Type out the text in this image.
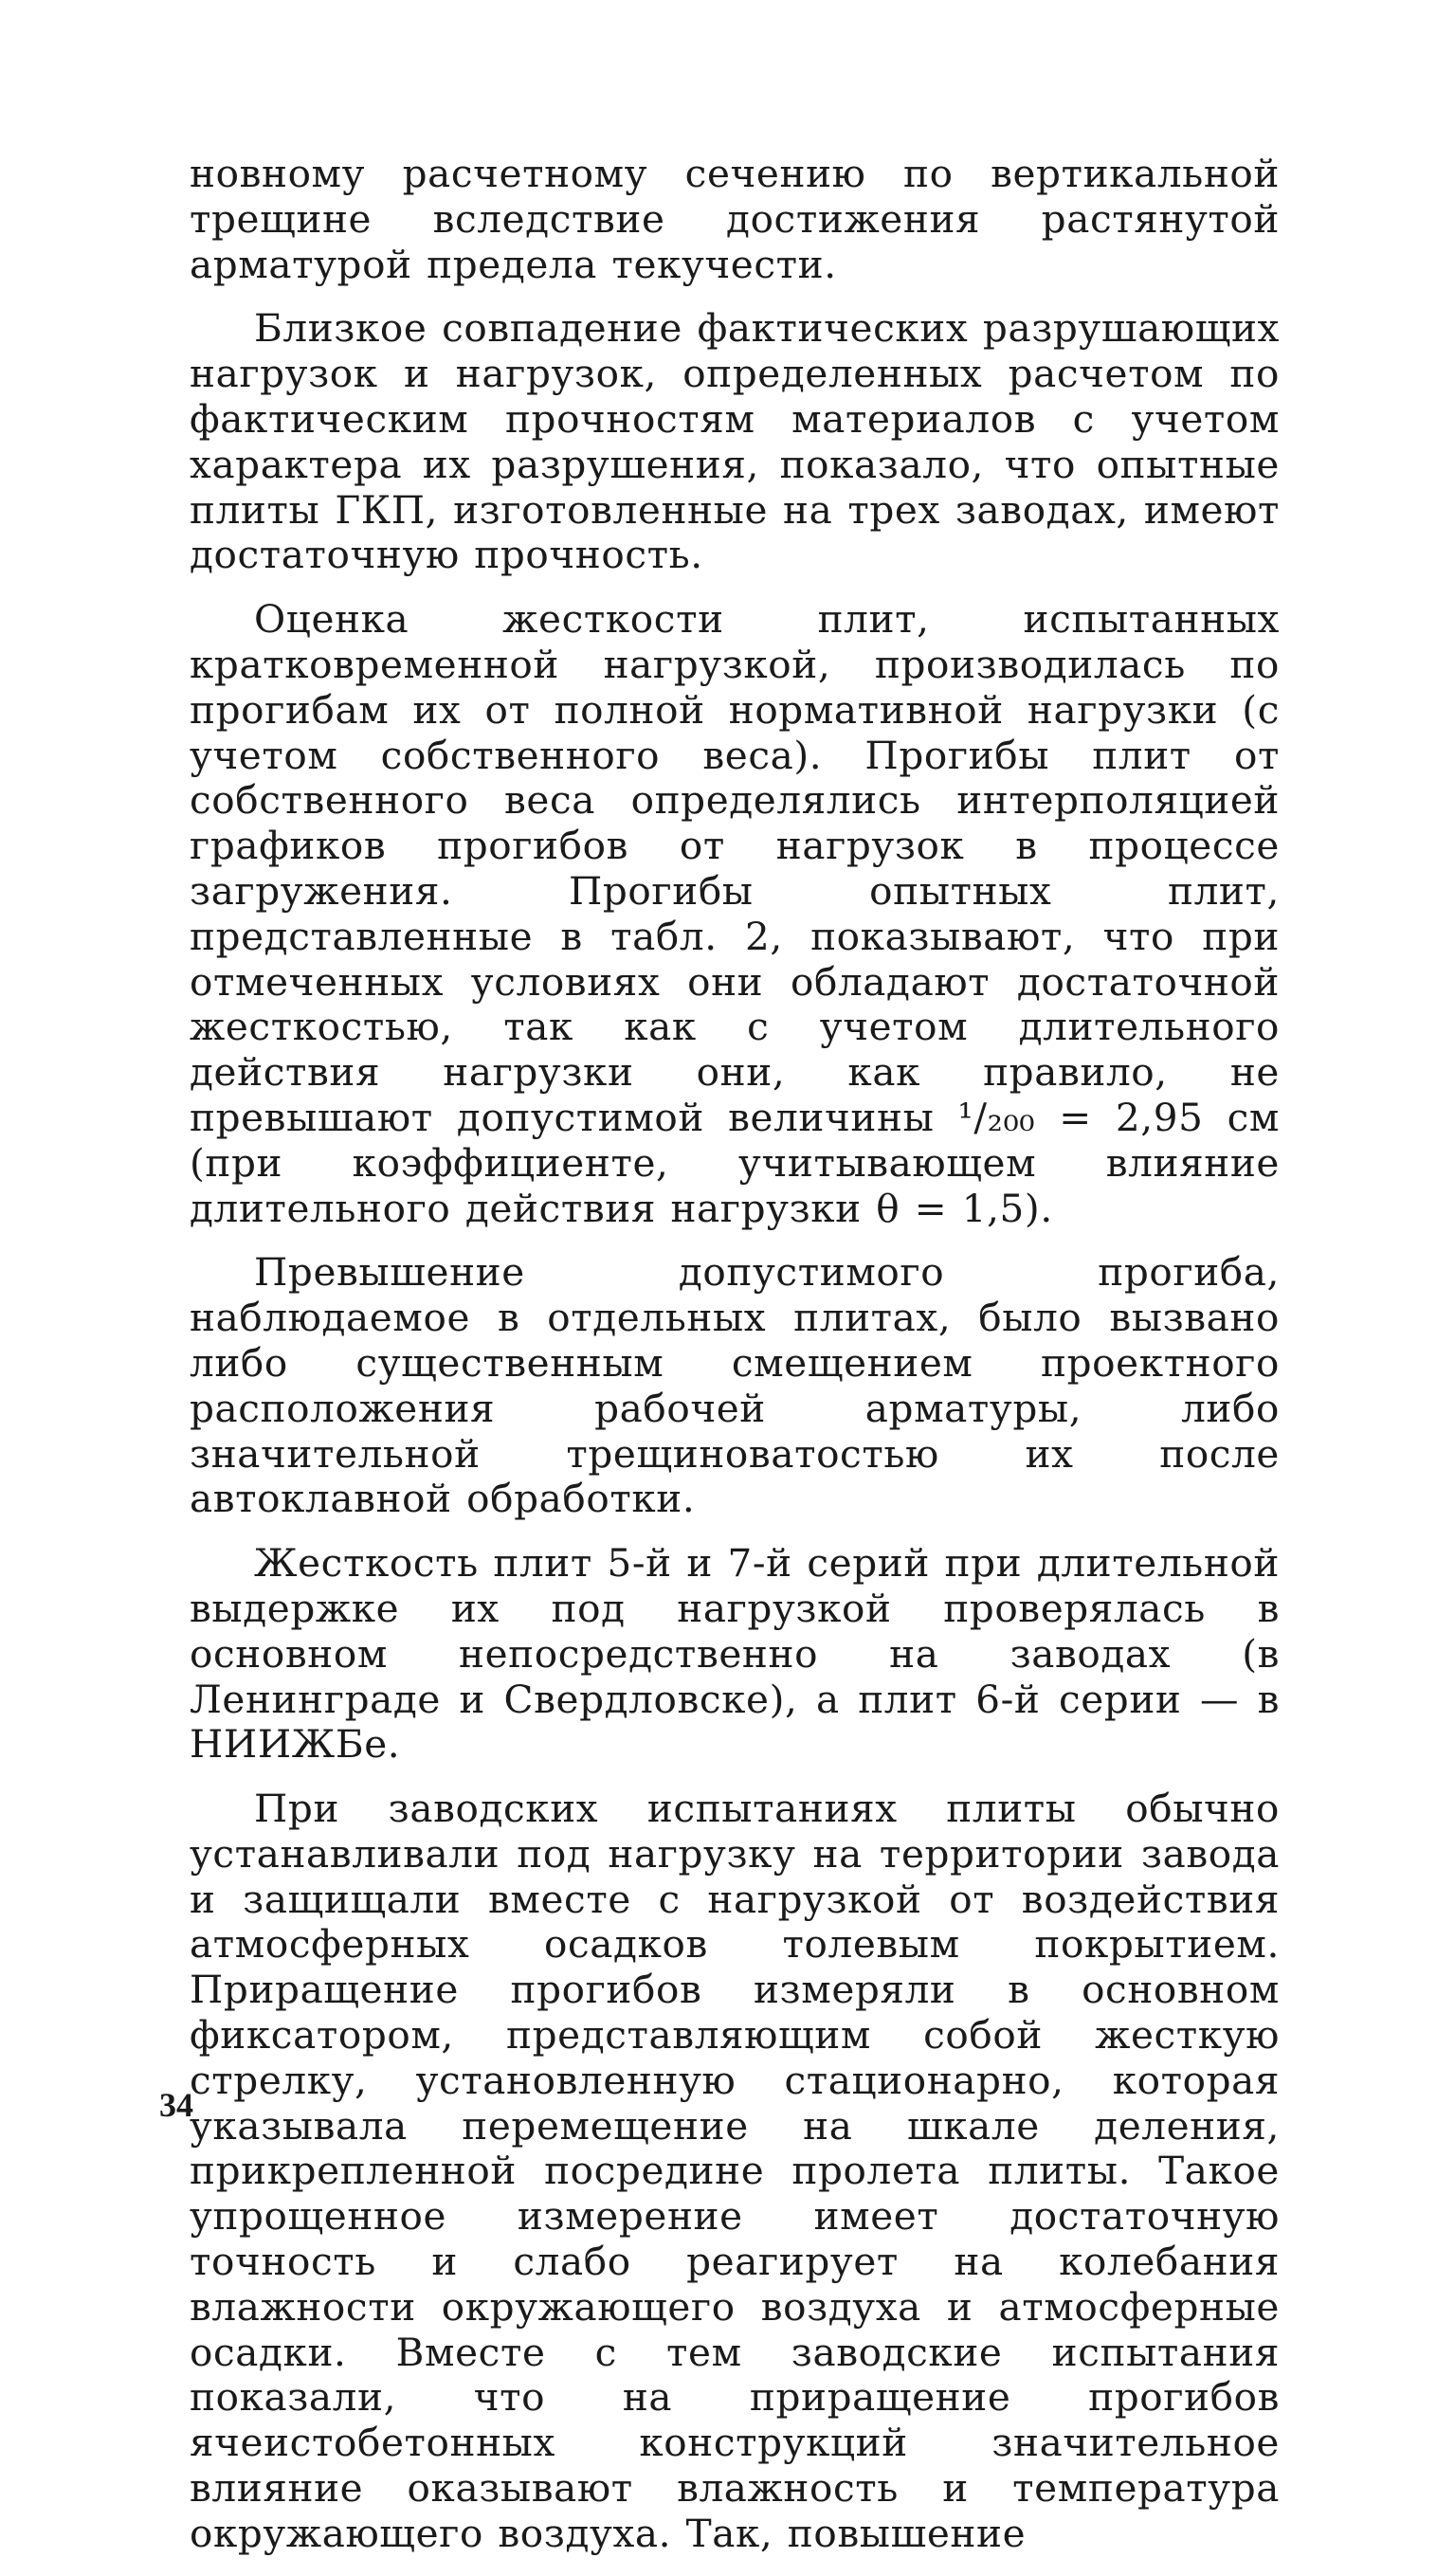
новному расчетному сечению по вертикальной трещине вследствие достижения растянутой арматурой предела текучести.

Близкое совпадение фактических разрушающих нагрузок и нагрузок, определенных расчетом по фактическим прочностям материалов с учетом характера их разрушения, показало, что опытные плиты ГКП, изготовленные на трех заводах, имеют достаточную прочность.

Оценка жесткости плит, испытанных кратковременной нагрузкой, производилась по прогибам их от полной нормативной нагрузки (с учетом собственного веса). Прогибы плит от собственного веса определялись интерполяцией графиков прогибов от нагрузок в процессе загружения. Прогибы опытных плит, представленные в табл. 2, показывают, что при отмеченных условиях они обладают достаточной жесткостью, так как с учетом длительного действия нагрузки они, как правило, не превышают допустимой величины ¹/₂₀₀ = 2,95 см (при коэффициенте, учитывающем влияние длительного действия нагрузки θ = 1,5).

Превышение допустимого прогиба, наблюдаемое в отдельных плитах, было вызвано либо существенным смещением проектного расположения рабочей арматуры, либо значительной трещиноватостью их после автоклавной обработки.

Жесткость плит 5-й и 7-й серий при длительной выдержке их под нагрузкой проверялась в основном непосредственно на заводах (в Ленинграде и Свердловске), а плит 6-й серии — в НИИЖБе.

При заводских испытаниях плиты обычно устанавливали под нагрузку на территории завода и защищали вместе с нагрузкой от воздействия атмосферных осадков толевым покрытием. Приращение прогибов измеряли в основном фиксатором, представляющим собой жесткую стрелку, установленную стационарно, которая указывала перемещение на шкале деления, прикрепленной посредине пролета плиты. Такое упрощенное измерение имеет достаточную точность и слабо реагирует на колебания влажности окружающего воздуха и атмосферные осадки. Вместе с тем заводские испытания показали, что на приращение прогибов ячеистобетонных конструкций значительное влияние оказывают влажность и температура окружающего воздуха. Так, повышение

34
